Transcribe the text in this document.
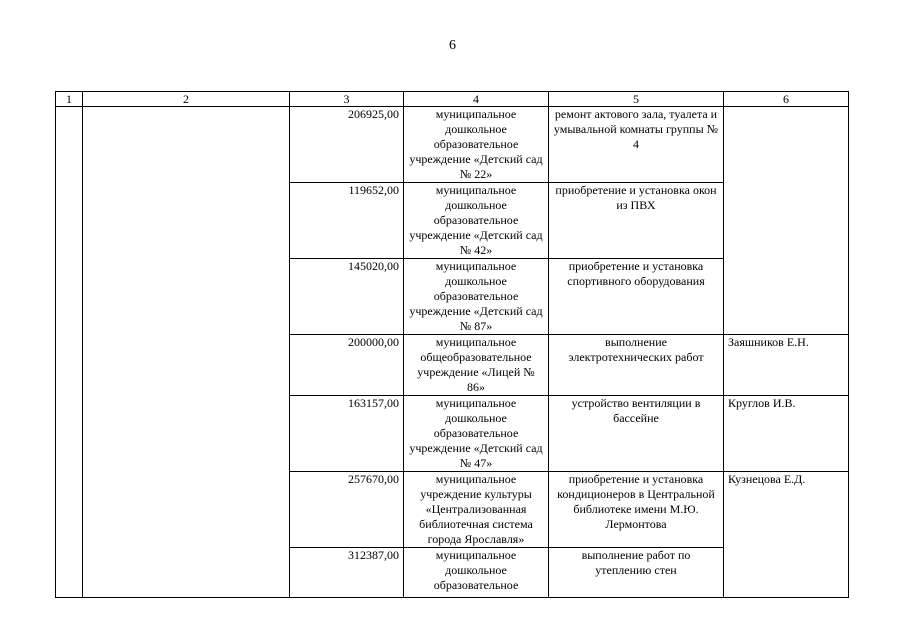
6
1	2	3	4	5	6
		206925,00	муниципальное дошкольное образовательное учреждение «Детский сад № 22»	ремонт актового зала, туалета и умывальной комнаты группы № 4	
		119652,00	муниципальное дошкольное образовательное учреждение «Детский сад № 42»	приобретение и установка окон из ПВХ	
		145020,00	муниципальное дошкольное образовательное учреждение «Детский сад № 87»	приобретение и установка спортивного оборудования	
		200000,00	муниципальное общеобразовательное учреждение «Лицей № 86»	выполнение электротехнических работ	Заяшников Е.Н.
		163157,00	муниципальное дошкольное образовательное учреждение «Детский сад № 47»	устройство вентиляции в бассейне	Круглов И.В.
		257670,00	муниципальное учреждение культуры «Централизованная библиотечная система города Ярославля»	приобретение и установка кондиционеров в Центральной библиотеке имени М.Ю. Лермонтова	Кузнецова Е.Д.
		312387,00	муниципальное дошкольное образовательное	выполнение работ по утеплению стен	
